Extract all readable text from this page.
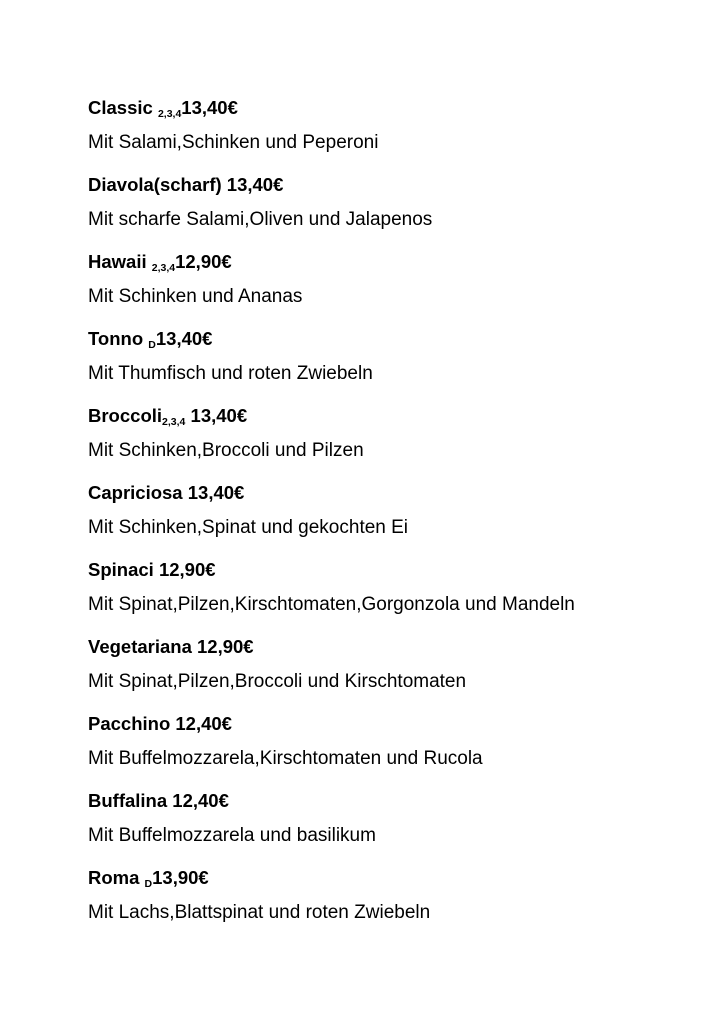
Classic $_{2,3,4}$13,40€
Mit Salami,Schinken und Peperoni
Diavola(scharf) 13,40€
Mit scharfe Salami,Oliven und Jalapenos
Hawaii $_{2,3,4}$12,90€
Mit Schinken und Ananas
Tonno $_D$13,40€
Mit Thumfisch und roten Zwiebeln
Broccoli$_{2,3,4}$ 13,40€
Mit Schinken,Broccoli und Pilzen
Capriciosa 13,40€
Mit Schinken,Spinat und gekochten Ei
Spinaci 12,90€
Mit Spinat,Pilzen,Kirschtomaten,Gorgonzola und Mandeln
Vegetariana 12,90€
Mit Spinat,Pilzen,Broccoli und Kirschtomaten
Pacchino 12,40€
Mit Buffelmozzarela,Kirschtomaten und Rucola
Buffalina 12,40€
Mit Buffelmozzarela und basilikum
Roma $_D$13,90€
Mit Lachs,Blattspinat und roten Zwiebeln
